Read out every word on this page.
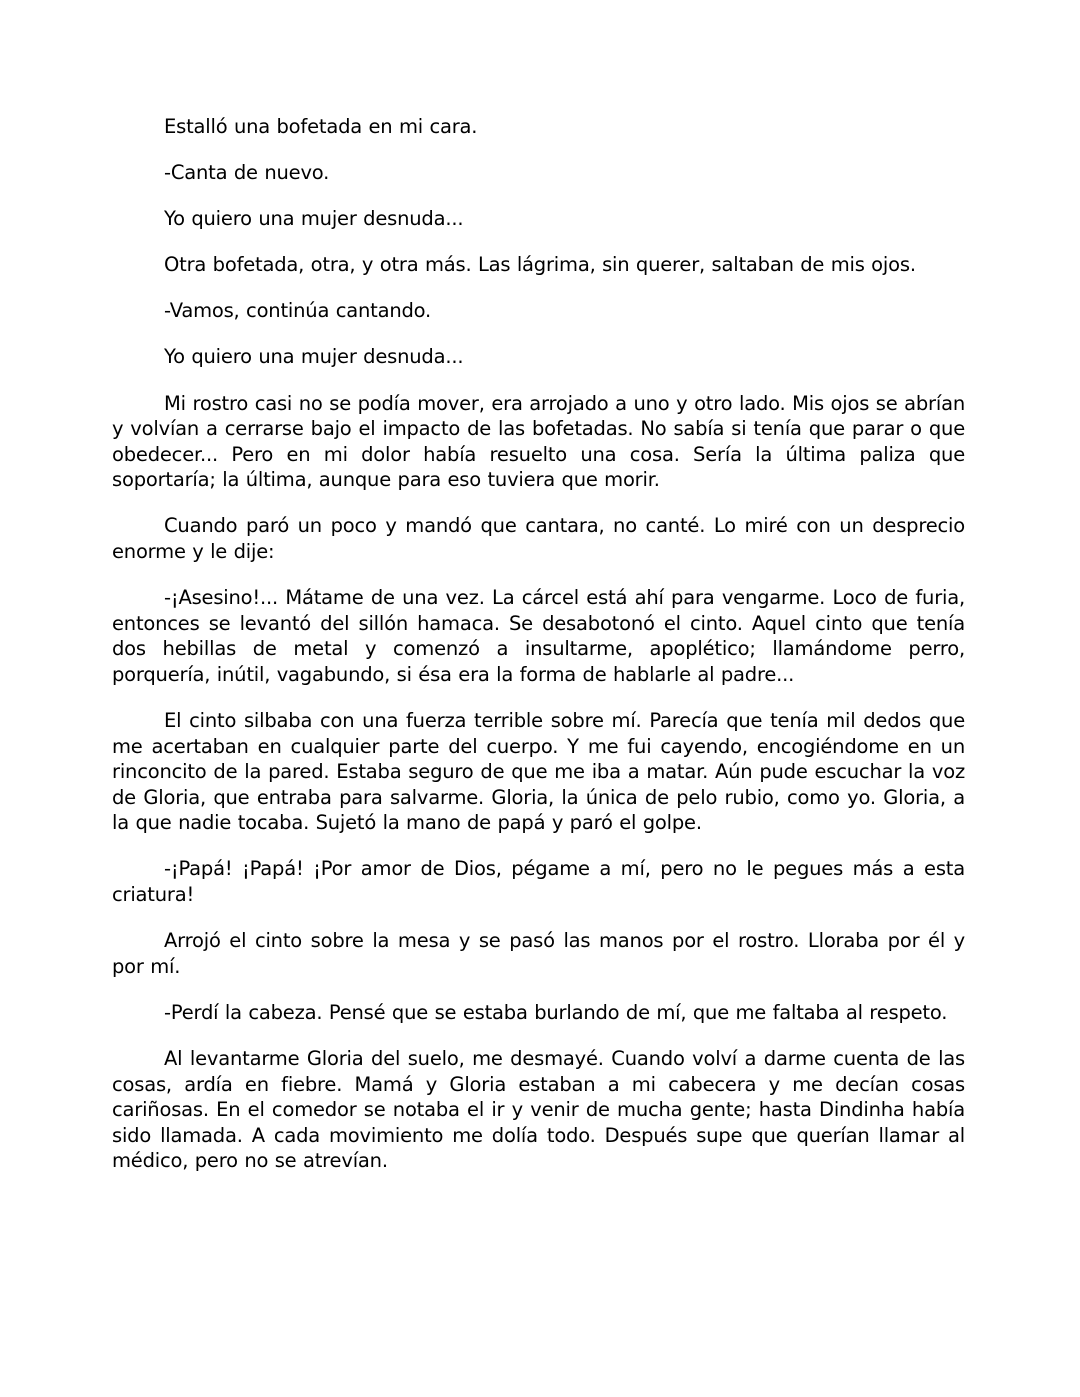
Estalló una bofetada en mi cara.

-Canta de nuevo.

Yo quiero una mujer desnuda...

Otra bofetada, otra, y otra más. Las lágrima, sin querer, saltaban de mis ojos.

-Vamos, continúa cantando.

Yo quiero una mujer desnuda...

Mi rostro casi no se podía mover, era arrojado a uno y otro lado. Mis ojos se abrían y volvían a cerrarse bajo el impacto de las bofetadas. No sabía si tenía que parar o que obedecer... Pero en mi dolor había resuelto una cosa. Sería la última paliza que soportaría; la última, aunque para eso tuviera que morir.

Cuando paró un poco y mandó que cantara, no canté. Lo miré con un desprecio enorme y le dije:

-¡Asesino!... Mátame de una vez. La cárcel está ahí para vengarme. Loco de furia, entonces se levantó del sillón hamaca. Se desabotonó el cinto. Aquel cinto que tenía dos hebillas de metal y comenzó a insultarme, apoplético; llamándome perro, porquería, inútil, vagabundo, si ésa era la forma de hablarle al padre...

El cinto silbaba con una fuerza terrible sobre mí. Parecía que tenía mil dedos que me acertaban en cualquier parte del cuerpo. Y me fui cayendo, encogiéndome en un rinconcito de la pared. Estaba seguro de que me iba a matar. Aún pude escuchar la voz de Gloria, que entraba para salvarme. Gloria, la única de pelo rubio, como yo. Gloria, a la que nadie tocaba. Sujetó la mano de papá y paró el golpe.

-¡Papá! ¡Papá! ¡Por amor de Dios, pégame a mí, pero no le pegues más a esta criatura!

Arrojó el cinto sobre la mesa y se pasó las manos por el rostro. Lloraba por él y por mí.

-Perdí la cabeza. Pensé que se estaba burlando de mí, que me faltaba al respeto.

Al levantarme Gloria del suelo, me desmayé. Cuando volví a darme cuenta de las cosas, ardía en fiebre. Mamá y Gloria estaban a mi cabecera y me decían cosas cariñosas. En el comedor se notaba el ir y venir de mucha gente; hasta Dindinha había sido llamada. A cada movimiento me dolía todo. Después supe que querían llamar al médico, pero no se atrevían.
